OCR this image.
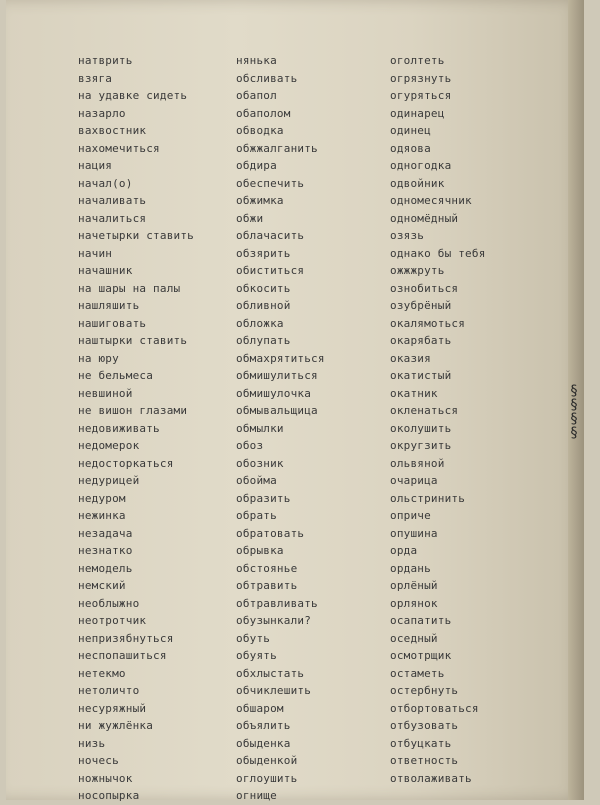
натврить
взяга
на удавке сидеть
назарло
вахвостник
нахомечиться
нация
начал(о)
началивать
началиться
начетырки ставить
начин
начашник
на шары на палы
нашляшить
нашиговать
наштырки ставить
на юру
не бельмеса
невшиной
не вишон глазами
недовиживать
недомерок
недосторкаться
недурицей
недуром
нежинка
незадача
незнатко
немодель
немский
необлыжно
неотротчик
непризябнуться
неспопашиться
нетекмо
нетоличто
несуряжный
ни жужлёнка
низь
ночесь
ножнычок
носопырка
нянька
обсливать
обапол
обаполом
обводка
обжжалганить
обдира
обеспечить
обжимка
обжи
облачасить
обзярить
обиститься
обкосить
обливной
обложка
облупать
обмахрятиться
обмишулиться
обмишулочка
обмывальщица
обмылки
обоз
обозник
обойма
образить
обрать
обратовать
обрывка
обстоянье
обтравить
обтравливать
обузынкали?
обуть
обуять
обхлыстать
обчиклешить
обшаром
объялить
обыденка
обыденкой
оглоушить
огнище
оголтеть
огрязнуть
огуряться
одинарец
одинец
одяова
одногодка
одвойник
одномесячник
одномёдный
озязь
однако бы тебя
ожжжруть
ознобиться
озубрёный
окалямоться
окарябать
оказия
окатистый
окатник
окленаться
околушить
округзить
ольвяной
очарица
ольстринить
оприче
опушина
орда
ордань
орлёный
орлянок
осапатить
оседный
осмотрщик
остаметь
остербнуть
отбортоваться
отбузовать
отбуцкать
ответность
отволаживать
§
§
§
§
